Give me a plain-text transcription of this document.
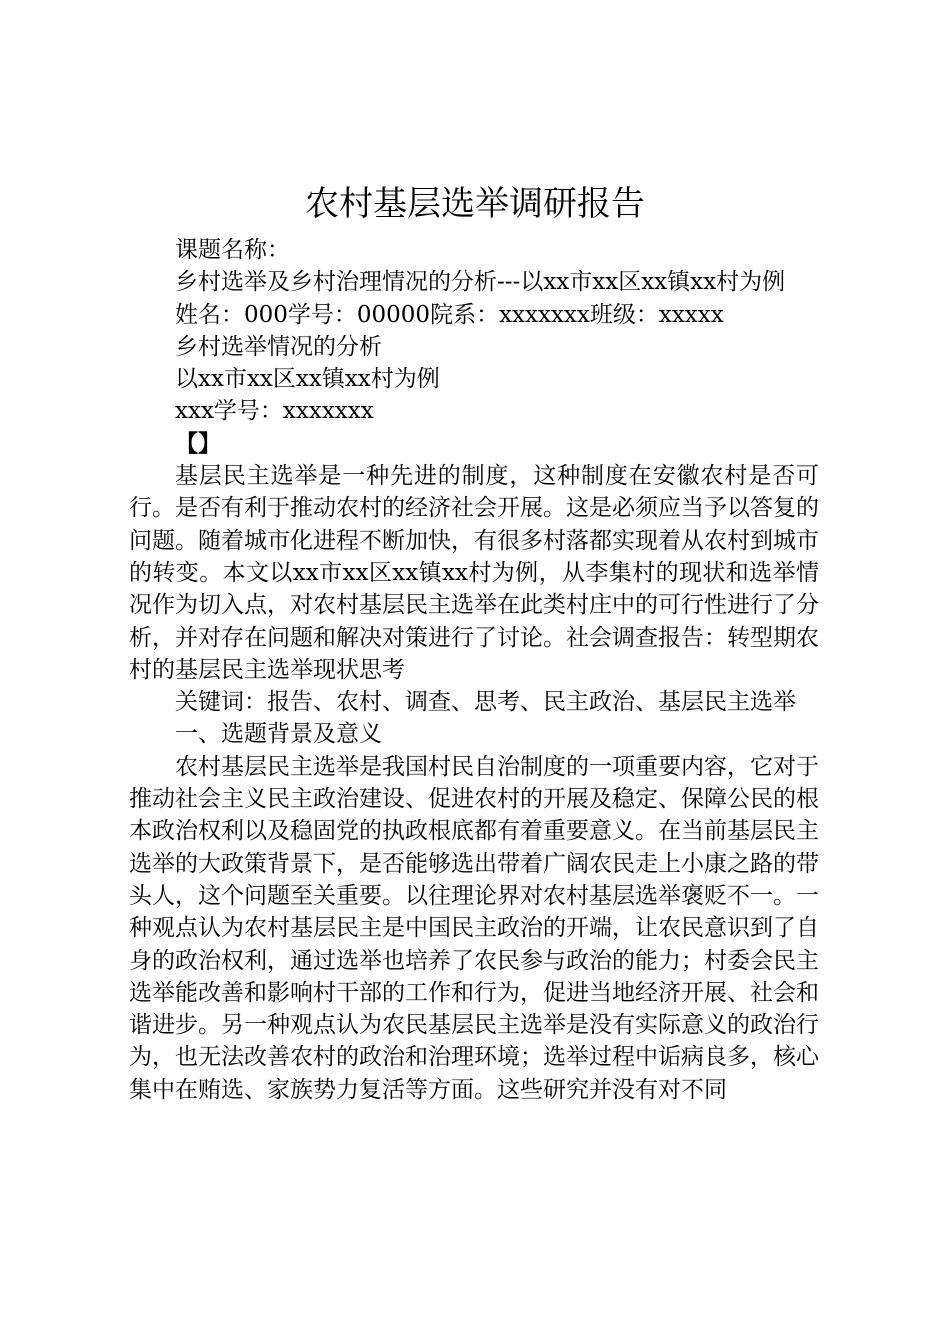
农村基层选举调研报告

课题名称：

乡村选举及乡村治理情况的分析---以xx市xx区xx镇xx村为例

姓名：000学号：00000院系：xxxxxxx班级：xxxxx

乡村选举情况的分析

以xx市xx区xx镇xx村为例

xxx学号：xxxxxxx

【】

基层民主选举是一种先进的制度，这种制度在安徽农村是否可行。是否有利于推动农村的经济社会开展。这是必须应当予以答复的问题。随着城市化进程不断加快，有很多村落都实现着从农村到城市的转变。本文以xx市xx区xx镇xx村为例，从李集村的现状和选举情况作为切入点，对农村基层民主选举在此类村庄中的可行性进行了分析，并对存在问题和解决对策进行了讨论。社会调查报告：转型期农村的基层民主选举现状思考

关键词：报告、农村、调查、思考、民主政治、基层民主选举

一、选题背景及意义

农村基层民主选举是我国村民自治制度的一项重要内容，它对于推动社会主义民主政治建设、促进农村的开展及稳定、保障公民的根本政治权利以及稳固党的执政根底都有着重要意义。在当前基层民主选举的大政策背景下，是否能够选出带着广阔农民走上小康之路的带头人，这个问题至关重要。以往理论界对农村基层选举褒贬不一。一种观点认为农村基层民主是中国民主政治的开端，让农民意识到了自身的政治权利，通过选举也培养了农民参与政治的能力；村委会民主选举能改善和影响村干部的工作和行为，促进当地经济开展、社会和谐进步。另一种观点认为农民基层民主选举是没有实际意义的政治行为，也无法改善农村的政治和治理环境；选举过程中诟病良多，核心集中在贿选、家族势力复活等方面。这些研究并没有对不同
